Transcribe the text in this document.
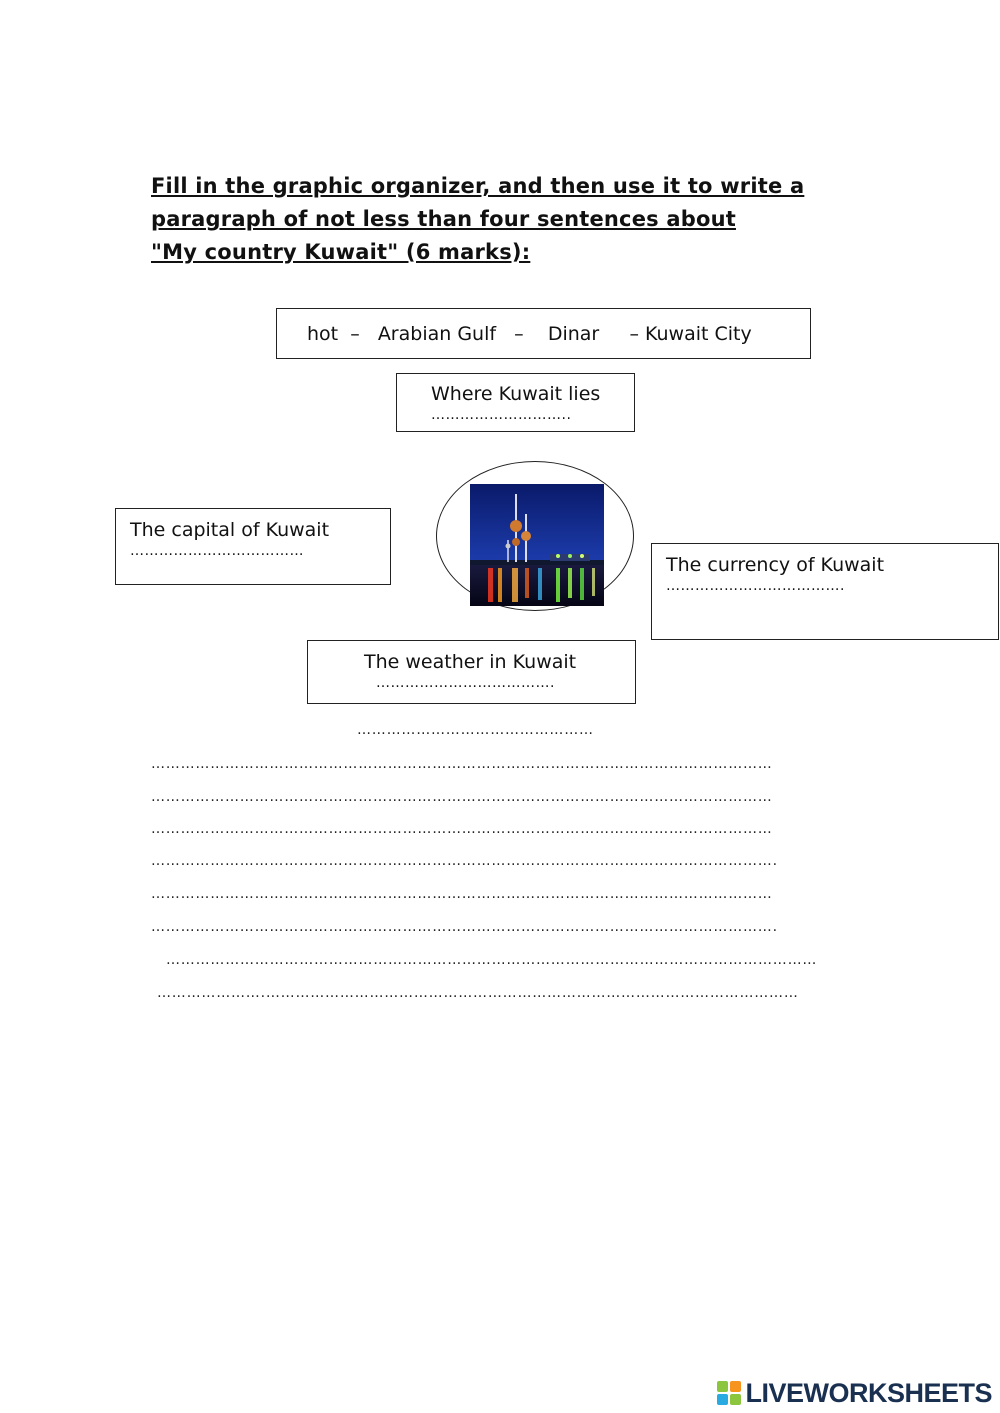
Fill in the graphic organizer, and then use it to write a
paragraph of not less than four sentences about
"My country Kuwait" (6 marks):
hot  –   Arabian Gulf   –    Dinar     – Kuwait City
Where Kuwait lies
………………………..
The capital of Kuwait
………………………………
The currency of Kuwait
……………………………….
The weather in Kuwait
……………………………….
…………………………………………
………………………………………………………………………………………………………………
………………………………………………………………………………………………………………
………………………………………………………………………………………………………………
……………………………………………………………………………………………………………….
………………………………………………………………………………………………………………
……………………………………………………………………………………………………………….
……………………………………………………………………………………………………………………
………………….………………………………………………………………………………………………
LIVEWORKSHEETS
